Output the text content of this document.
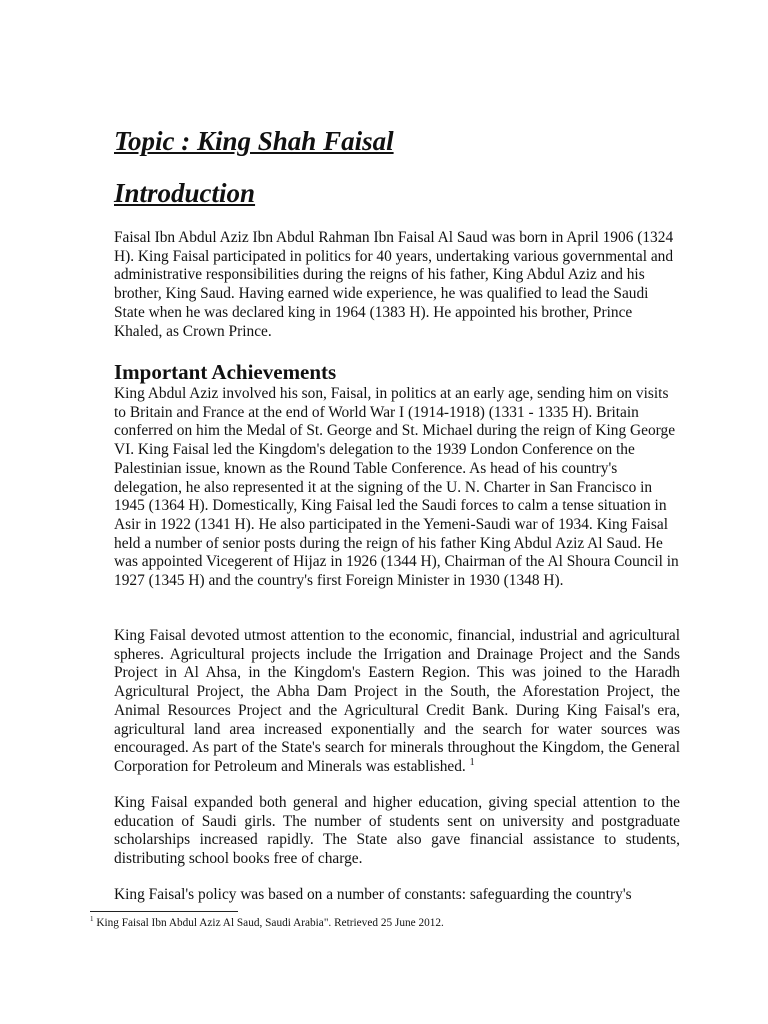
Topic : King Shah Faisal
Introduction

Faisal Ibn Abdul Aziz Ibn Abdul Rahman Ibn Faisal Al Saud was born in April 1906 (1324 H). King Faisal participated in politics for 40 years, undertaking various governmental and administrative responsibilities during the reigns of his father, King Abdul Aziz and his brother, King Saud. Having earned wide experience, he was qualified to lead the Saudi State when he was declared king in 1964 (1383 H). He appointed his brother, Prince Khaled, as Crown Prince.

Important Achievements

King Abdul Aziz involved his son, Faisal, in politics at an early age, sending him on visits to Britain and France at the end of World War I (1914-1918) (1331 - 1335 H). Britain conferred on him the Medal of St. George and St. Michael during the reign of King George VI. King Faisal led the Kingdom's delegation to the 1939 London Conference on the Palestinian issue, known as the Round Table Conference. As head of his country's delegation, he also represented it at the signing of the U. N. Charter in San Francisco in 1945 (1364 H). Domestically, King Faisal led the Saudi forces to calm a tense situation in Asir in 1922 (1341 H). He also participated in the Yemeni-Saudi war of 1934. King Faisal held a number of senior posts during the reign of his father King Abdul Aziz Al Saud. He was appointed Vicegerent of Hijaz in 1926 (1344 H), Chairman of the Al Shoura Council in 1927 (1345 H) and the country's first Foreign Minister in 1930 (1348 H).

King Faisal devoted utmost attention to the economic, financial, industrial and agricultural spheres. Agricultural projects include the Irrigation and Drainage Project and the Sands Project in Al Ahsa, in the Kingdom's Eastern Region. This was joined to the Haradh Agricultural Project, the Abha Dam Project in the South, the Aforestation Project, the Animal Resources Project and the Agricultural Credit Bank. During King Faisal's era, agricultural land area increased exponentially and the search for water sources was encouraged. As part of the State's search for minerals throughout the Kingdom, the General Corporation for Petroleum and Minerals was established. $^1$

King Faisal expanded both general and higher education, giving special attention to the education of Saudi girls. The number of students sent on university and postgraduate scholarships increased rapidly. The State also gave financial assistance to students, distributing school books free of charge.

King Faisal's policy was based on a number of constants: safeguarding the country's

$^1$ King Faisal Ibn Abdul Aziz Al Saud, Saudi Arabia". Retrieved 25 June 2012.
